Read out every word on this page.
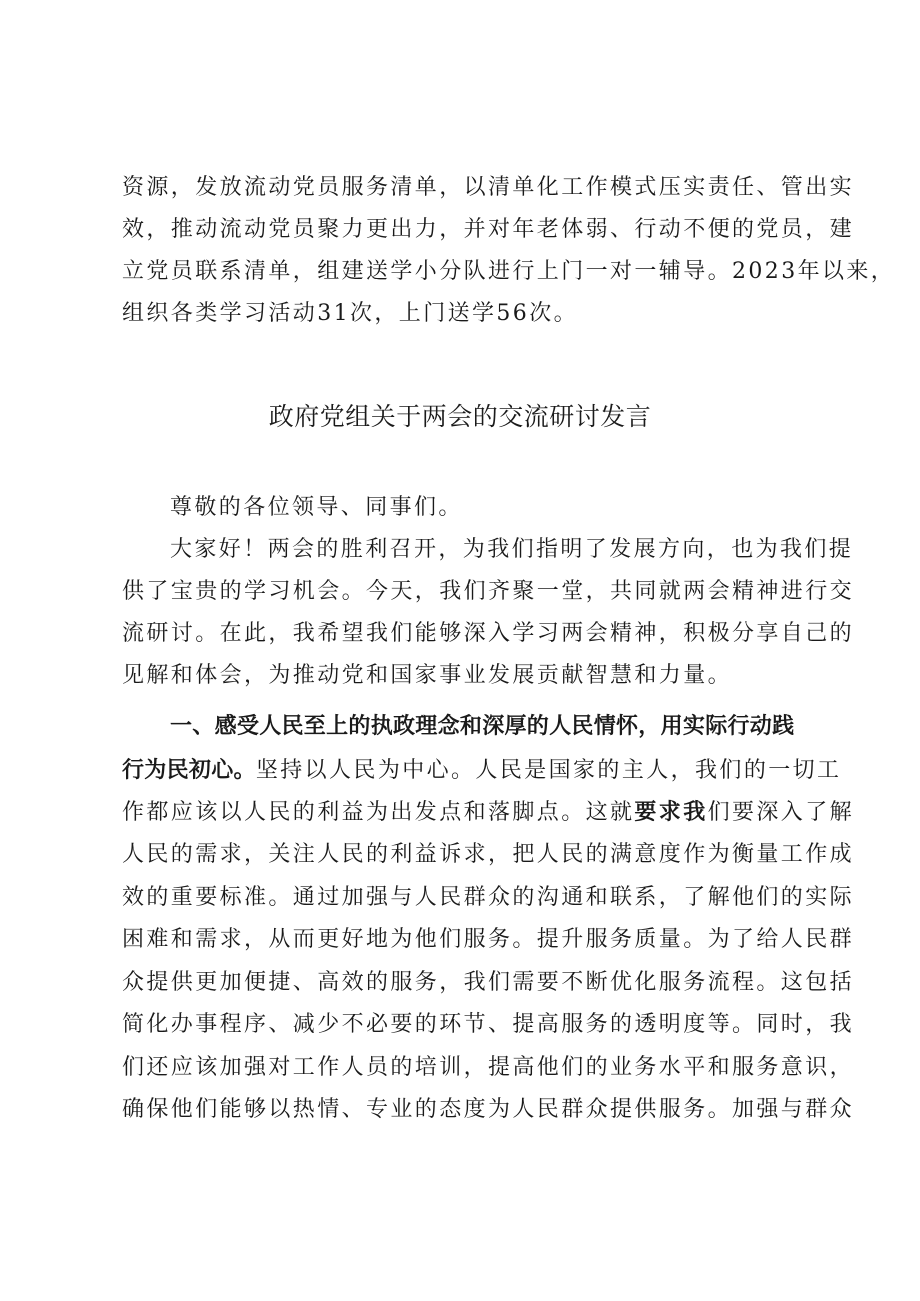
资源，发放流动党员服务清单，以清单化工作模式压实责任、管出实
效，推动流动党员聚力更出力，并对年老体弱、行动不便的党员，建
立党员联系清单，组建送学小分队进行上门一对一辅导。2023年以来，
组织各类学习活动31次，上门送学56次。
政府党组关于两会的交流研讨发言
尊敬的各位领导、同事们。
大家好！两会的胜利召开，为我们指明了发展方向，也为我们提
供了宝贵的学习机会。今天，我们齐聚一堂，共同就两会精神进行交
流研讨。在此，我希望我们能够深入学习两会精神，积极分享自己的
见解和体会，为推动党和国家事业发展贡献智慧和力量。
一、感受人民至上的执政理念和深厚的人民情怀，用实际行动践
行为民初心。坚持以人民为中心。人民是国家的主人，我们的一切工
作都应该以人民的利益为出发点和落脚点。这就要求我们要深入了解
人民的需求，关注人民的利益诉求，把人民的满意度作为衡量工作成
效的重要标准。通过加强与人民群众的沟通和联系，了解他们的实际
困难和需求，从而更好地为他们服务。提升服务质量。为了给人民群
众提供更加便捷、高效的服务，我们需要不断优化服务流程。这包括
简化办事程序、减少不必要的环节、提高服务的透明度等。同时，我
们还应该加强对工作人员的培训，提高他们的业务水平和服务意识，
确保他们能够以热情、专业的态度为人民群众提供服务。加强与群众
